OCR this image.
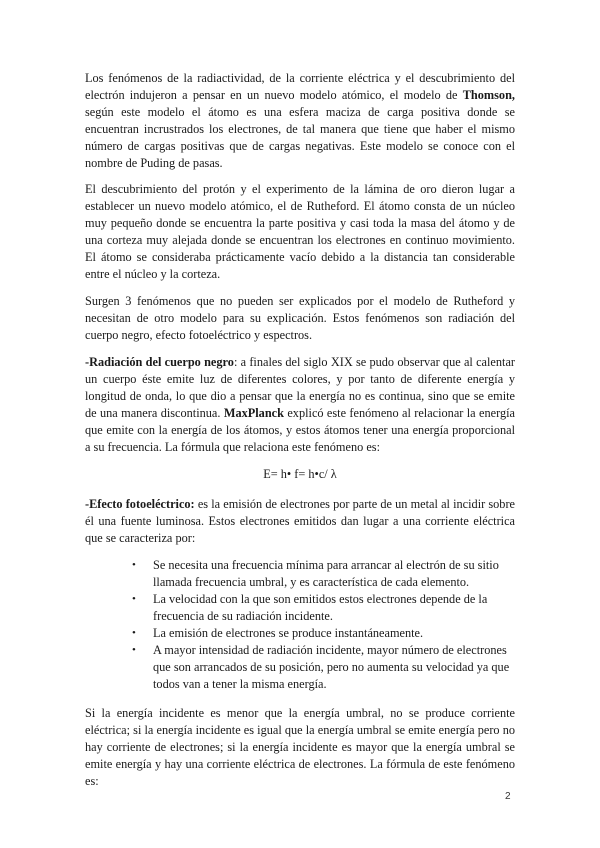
Los fenómenos de la radiactividad, de la corriente eléctrica y el descubrimiento del electrón indujeron a pensar en un nuevo modelo atómico, el modelo de Thomson, según este modelo el átomo es una esfera maciza de carga positiva donde se encuentran incrustrados los electrones, de tal manera que tiene que haber el mismo número de cargas positivas que de cargas negativas. Este modelo se conoce con el nombre de Puding de pasas.

El descubrimiento del protón y el experimento de la lámina de oro dieron lugar a establecer un nuevo modelo atómico, el de Rutheford. El átomo consta de un núcleo muy pequeño donde se encuentra la parte positiva y casi toda la masa del átomo y de una corteza muy alejada donde se encuentran los electrones en continuo movimiento. El átomo se consideraba prácticamente vacío debido a la distancia tan considerable entre el núcleo y la corteza.

Surgen 3 fenómenos que no pueden ser explicados por el modelo de Rutheford y necesitan de otro modelo para su explicación. Estos fenómenos son radiación del cuerpo negro, efecto fotoeléctrico y espectros.

-Radiación del cuerpo negro: a finales del siglo XIX se pudo observar que al calentar un cuerpo éste emite luz de diferentes colores, y por tanto de diferente energía y longitud de onda, lo que dio a pensar que la energía no es continua, sino que se emite de una manera discontinua. MaxPlanck explicó este fenómeno al relacionar la energía que emite con la energía de los átomos, y estos átomos tener una energía proporcional a su frecuencia. La fórmula que relaciona este fenómeno es:

E= h• f= h•c/ λ

-Efecto fotoeléctrico: es la emisión de electrones por parte de un metal al incidir sobre él una fuente luminosa. Estos electrones emitidos dan lugar a una corriente eléctrica que se caracteriza por:

• Se necesita una frecuencia mínima para arrancar al electrón de su sitio llamada frecuencia umbral, y es característica de cada elemento.
• La velocidad con la que son emitidos estos electrones depende de la frecuencia de su radiación incidente.
• La emisión de electrones se produce instantáneamente.
• A mayor intensidad de radiación incidente, mayor número de electrones que son arrancados de su posición, pero no aumenta su velocidad ya que todos van a tener la misma energía.

Si la energía incidente es menor que la energía umbral, no se produce corriente eléctrica; si la energía incidente es igual que la energía umbral se emite energía pero no hay corriente de electrones; si la energía incidente es mayor que la energía umbral se emite energía y hay una corriente eléctrica de electrones. La fórmula de este fenómeno es:

2
